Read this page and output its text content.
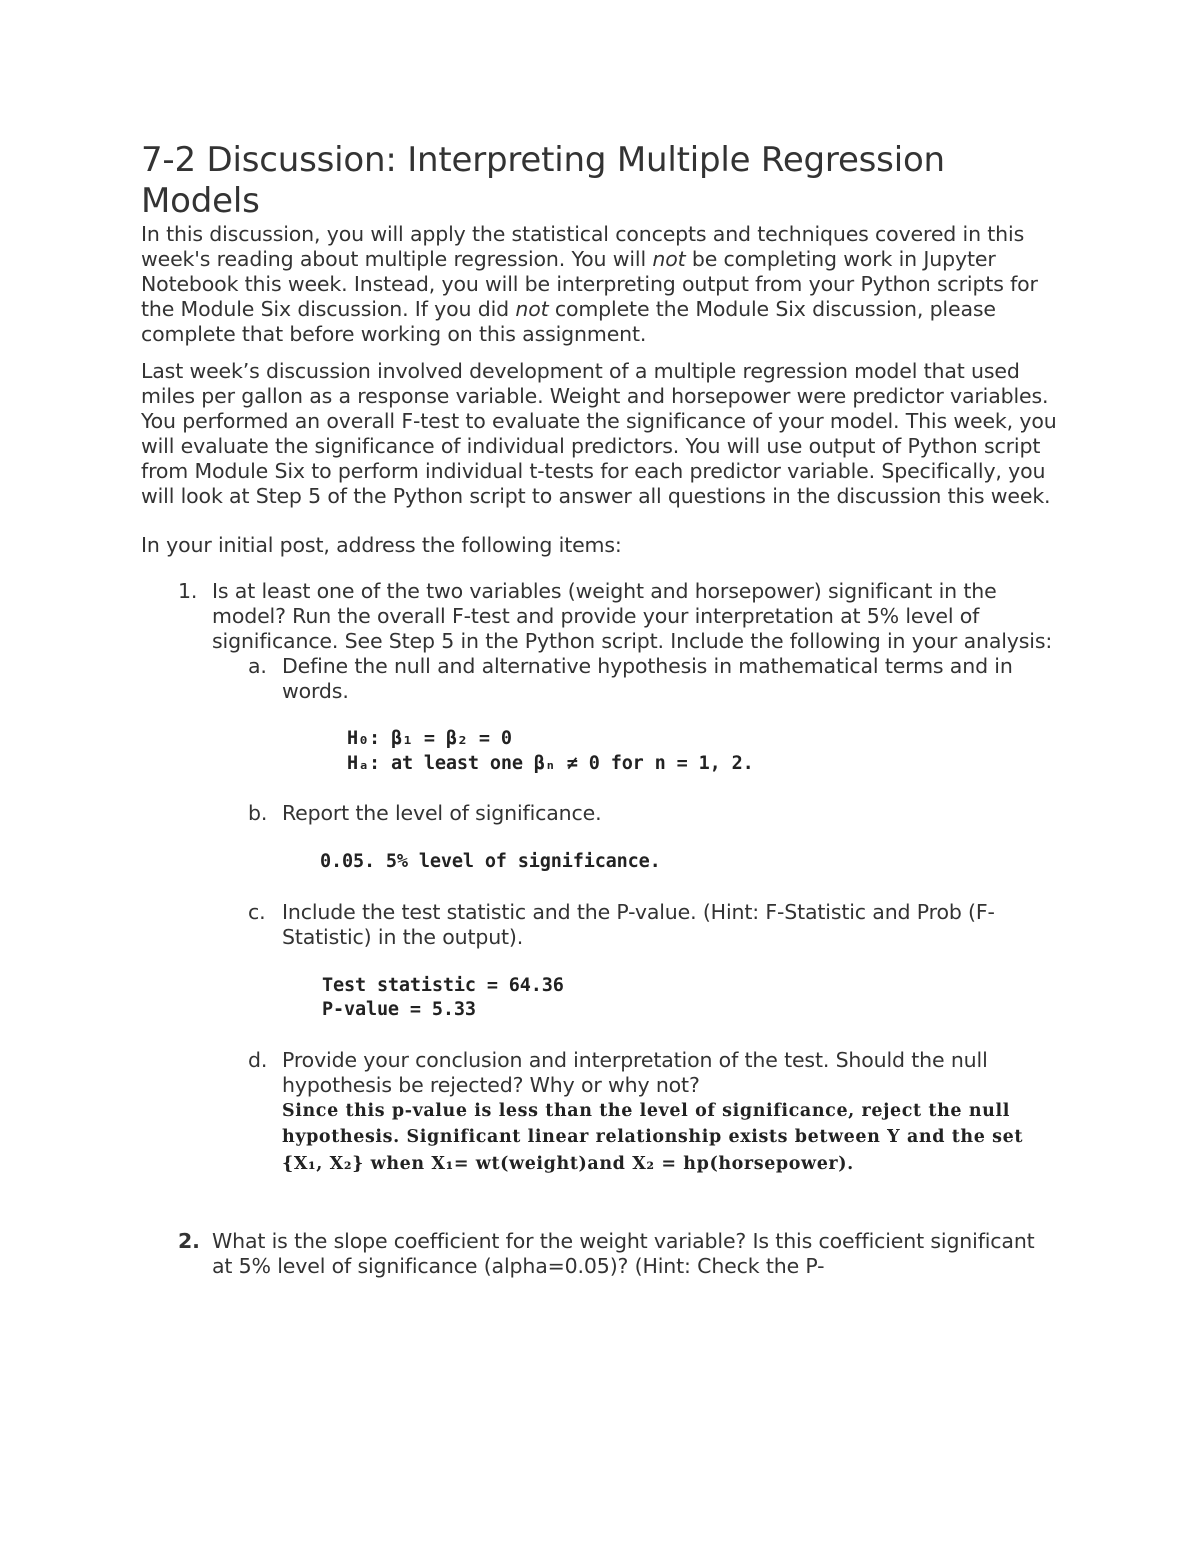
7-2 Discussion: Interpreting Multiple Regression Models

In this discussion, you will apply the statistical concepts and techniques covered in this week's reading about multiple regression. You will not be completing work in Jupyter Notebook this week. Instead, you will be interpreting output from your Python scripts for the Module Six discussion. If you did not complete the Module Six discussion, please complete that before working on this assignment.

Last week’s discussion involved development of a multiple regression model that used miles per gallon as a response variable. Weight and horsepower were predictor variables. You performed an overall F-test to evaluate the significance of your model. This week, you will evaluate the significance of individual predictors. You will use output of Python script from Module Six to perform individual t-tests for each predictor variable. Specifically, you will look at Step 5 of the Python script to answer all questions in the discussion this week.

In your initial post, address the following items:

1. Is at least one of the two variables (weight and horsepower) significant in the model? Run the overall F-test and provide your interpretation at 5% level of significance. See Step 5 in the Python script. Include the following in your analysis:
a. Define the null and alternative hypothesis in mathematical terms and in words.
H₀: β₁ = β₂ = 0
Hₐ: at least one βₙ ≠ 0 for n = 1, 2.
b. Report the level of significance.
0.05. 5% level of significance.
c. Include the test statistic and the P-value. (Hint: F-Statistic and Prob (F-Statistic) in the output).
Test statistic = 64.36
P-value = 5.33
d. Provide your conclusion and interpretation of the test. Should the null hypothesis be rejected? Why or why not?
Since this p-value is less than the level of significance, reject the null hypothesis. Significant linear relationship exists between Y and the set {X₁, X₂} when X₁= wt(weight)and X₂ = hp(horsepower).
2. What is the slope coefficient for the weight variable? Is this coefficient significant at 5% level of significance (alpha=0.05)? (Hint: Check the P-
